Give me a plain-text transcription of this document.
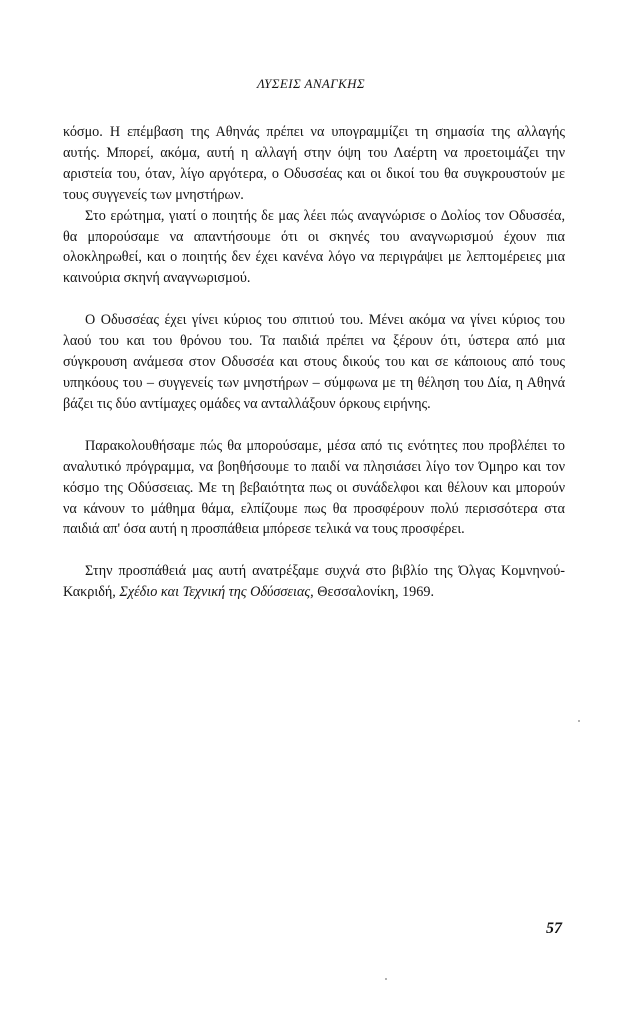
ΛΥΣΕΙΣ ΑΝΑΓΚΗΣ

κόσμο. Η επέμβαση της Αθηνάς πρέπει να υπογραμμίζει τη σημασία της αλλαγής αυτής. Μπορεί, ακόμα, αυτή η αλλαγή στην όψη του Λαέρτη να προετοιμάζει την αριστεία του, όταν, λίγο αργότερα, ο Οδυσσέας και οι δικοί του θα συγκρουστούν με τους συγγενείς των μνηστήρων.

Στο ερώτημα, γιατί ο ποιητής δε μας λέει πώς αναγνώρισε ο Δολίος τον Οδυσσέα, θα μπορούσαμε να απαντήσουμε ότι οι σκηνές του αναγνωρισμού έχουν πια ολοκληρωθεί, και ο ποιητής δεν έχει κανένα λόγο να περιγράψει με λεπτομέρειες μια καινούρια σκηνή αναγνωρισμού.

Ο Οδυσσέας έχει γίνει κύριος του σπιτιού του. Μένει ακόμα να γίνει κύριος του λαού του και του θρόνου του. Τα παιδιά πρέπει να ξέρουν ότι, ύστερα από μια σύγκρουση ανάμεσα στον Οδυσσέα και στους δικούς του και σε κάποιους από τους υπηκόους του – συγγενείς των μνηστήρων – σύμφωνα με τη θέληση του Δία, η Αθηνά βάζει τις δύο αντίμαχες ομάδες να ανταλλάξουν όρκους ειρήνης.

Παρακολουθήσαμε πώς θα μπορούσαμε, μέσα από τις ενότητες που προβλέπει το αναλυτικό πρόγραμμα, να βοηθήσουμε το παιδί να πλησιάσει λίγο τον Όμηρο και τον κόσμο της Οδύσσειας. Με τη βεβαιότητα πως οι συνάδελφοι και θέλουν και μπορούν να κάνουν το μάθημα θάμα, ελπίζουμε πως θα προσφέρουν πολύ περισσότερα στα παιδιά απ' όσα αυτή η προσπάθεια μπόρεσε τελικά να τους προσφέρει.

Στην προσπάθειά μας αυτή ανατρέξαμε συχνά στο βιβλίο της Όλγας Κομνηνού-Κακριδή, Σχέδιο και Τεχνική της Οδύσσειας, Θεσσαλονίκη, 1969.

57
